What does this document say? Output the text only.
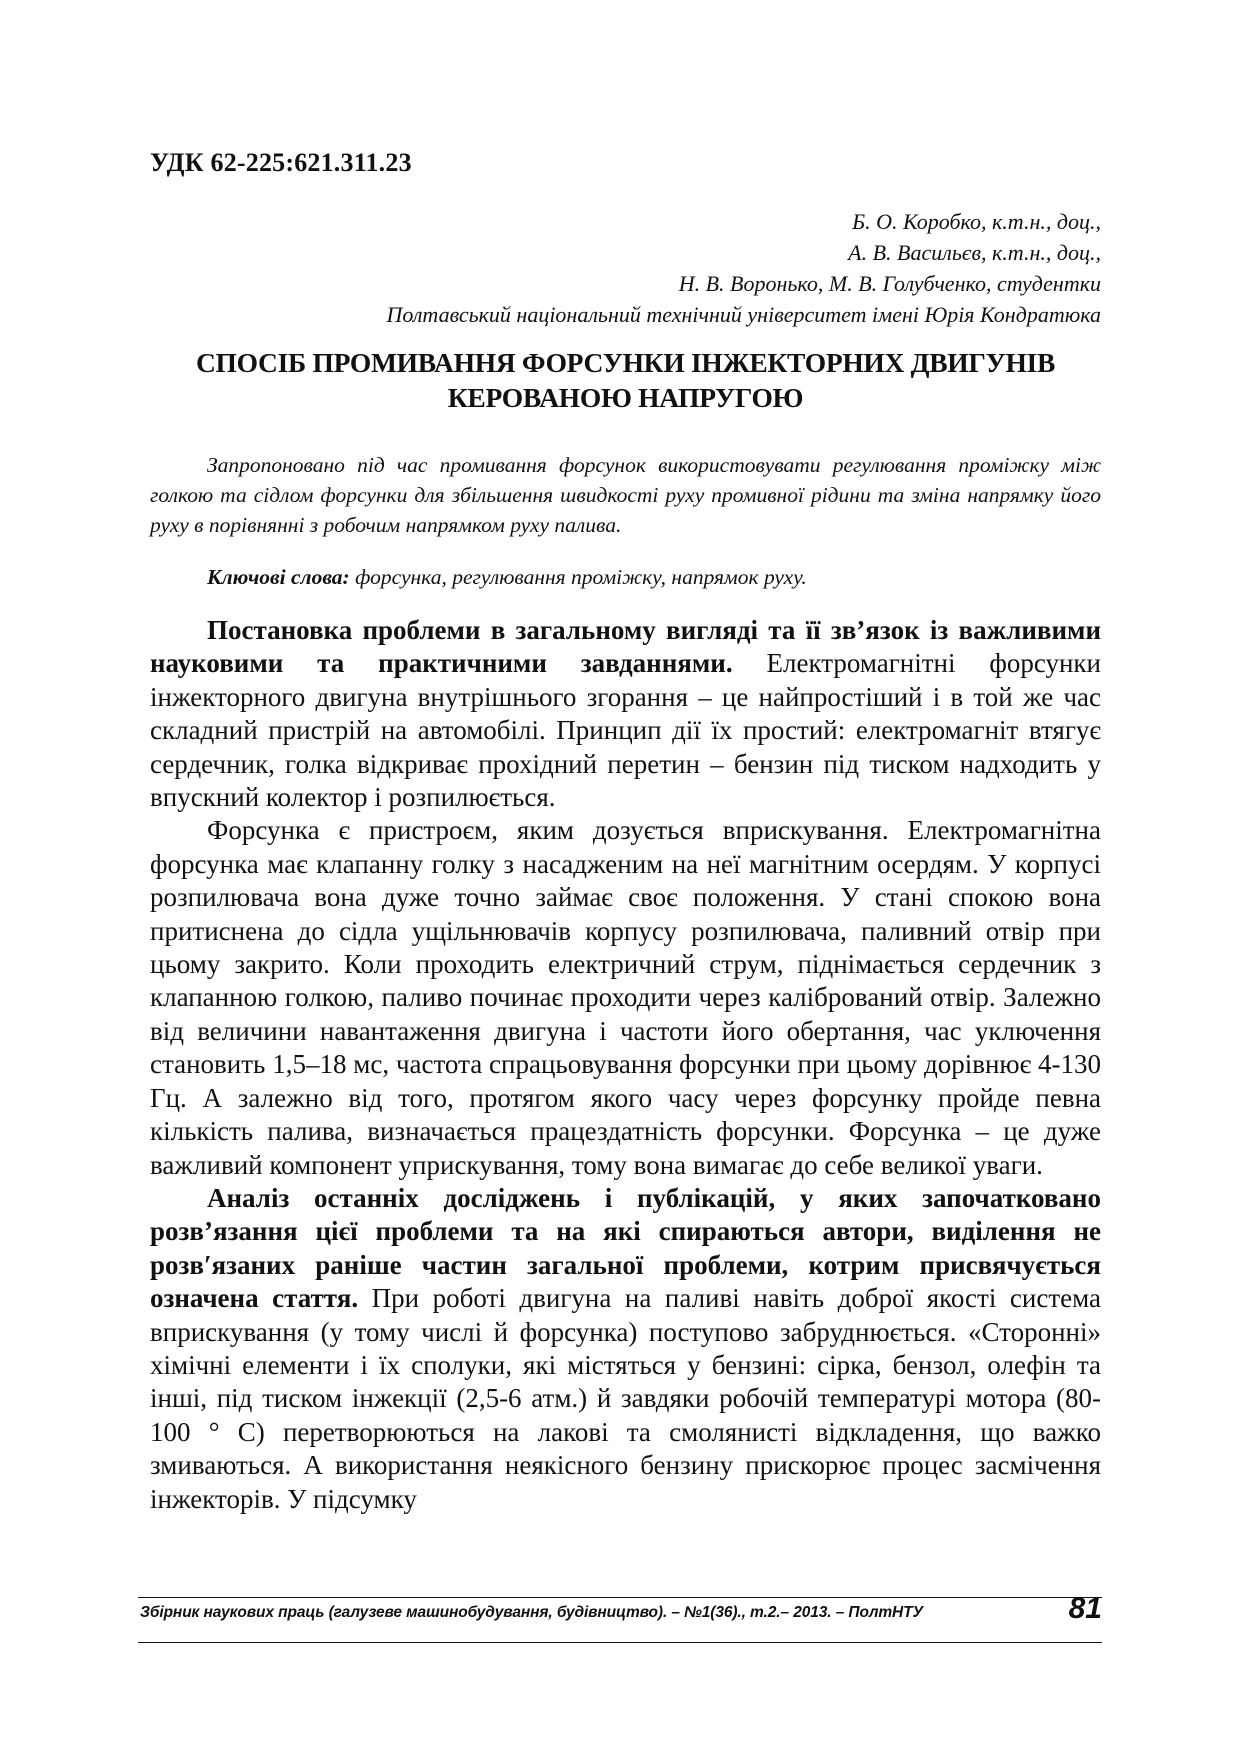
УДК 62-225:621.311.23
Б. О. Коробко, к.т.н., доц.,
А. В. Васильєв, к.т.н., доц.,
Н. В. Воронько, М. В. Голубченко, студентки
Полтавський національний технічний університет імені Юрія Кондратюка
СПОСІБ ПРОМИВАННЯ ФОРСУНКИ ІНЖЕКТОРНИХ ДВИГУНІВ
КЕРОВАНОЮ НАПРУГОЮ
Запропоновано під час промивання форсунок використовувати регулювання проміжку між голкою та сідлом форсунки для збільшення швидкості руху промивної рідини та зміна напрямку його руху в порівнянні з робочим напрямком руху палива.
Ключові слова: форсунка, регулювання проміжку, напрямок руху.

Постановка проблеми в загальному вигляді та її зв’язок із важливими науковими та практичними завданнями. Електромагнітні форсунки інжекторного двигуна внутрішнього згорання – це найпростіший і в той же час складний пристрій на автомобілі. Принцип дії їх простий: електромагніт втягує сердечник, голка відкриває прохідний перетин – бензин під тиском надходить у впускний колектор і розпилюється.

Форсунка є пристроєм, яким дозується вприскування. Електромагнітна форсунка має клапанну голку з насадженим на неї магнітним осердям. У корпусі розпилювача вона дуже точно займає своє положення. У стані спокою вона притиснена до сідла ущільнювачів корпусу розпилювача, паливний отвір при цьому закрито. Коли проходить електричний струм, піднімається сердечник з клапанною голкою, паливо починає проходити через калібрований отвір. Залежно від величини навантаження двигуна і частоти його обертання, час уключення становить 1,5–18 мс, частота спрацьовування форсунки при цьому дорівнює 4-130 Гц. А залежно від того, протягом якого часу через форсунку пройде певна кількість палива, визначається працездатність форсунки. Форсунка – це дуже важливий компонент уприскування, тому вона вимагає до себе великої уваги.

Аналіз останніх досліджень і публікацій, у яких започатковано розв’язання цієї проблеми та на які спираються автори, виділення не розв′язаних раніше частин загальної проблеми, котрим присвячується означена стаття. При роботі двигуна на паливі навіть доброї якості система вприскування (у тому числі й форсунка) поступово забруднюється. «Сторонні» хімічні елементи і їх сполуки, які містяться у бензині: сірка, бензол, олефін та інші, під тиском інжекції (2,5-6 атм.) й завдяки робочій температурі мотора (80-100 ° С) перетворюються на лакові та смолянисті відкладення, що важко змиваються. А використання неякісного бензину прискорює процес засмічення інжекторів. У підсумку

Збірник наукових праць (галузеве машинобудування, будівництво). – №1(36)., т.2.– 2013. – ПолтНТУ	81
